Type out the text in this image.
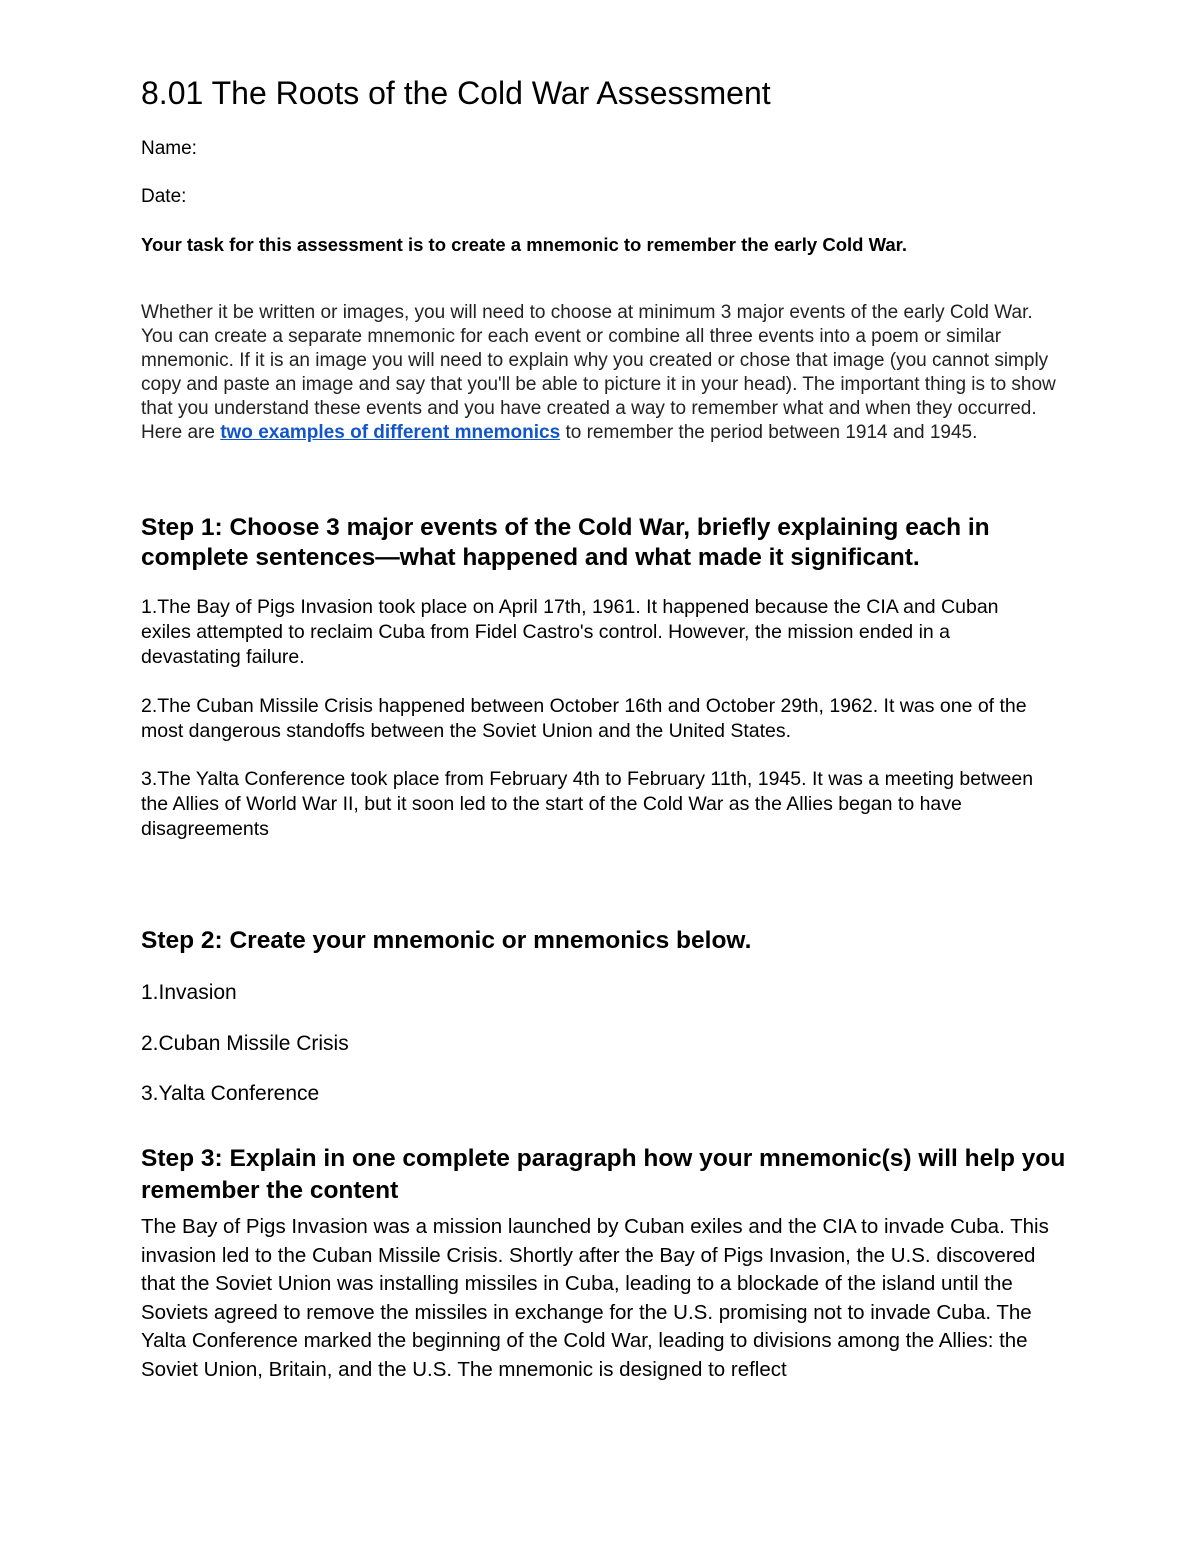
8.01 The Roots of the Cold War Assessment

Name:

Date:

Your task for this assessment is to create a mnemonic to remember the early Cold War.

Whether it be written or images, you will need to choose at minimum 3 major events of the early Cold War. You can create a separate mnemonic for each event or combine all three events into a poem or similar mnemonic. If it is an image you will need to explain why you created or chose that image (you cannot simply copy and paste an image and say that you'll be able to picture it in your head). The important thing is to show that you understand these events and you have created a way to remember what and when they occurred. Here are two examples of different mnemonics to remember the period between 1914 and 1945.

Step 1: Choose 3 major events of the Cold War, briefly explaining each in complete sentences—what happened and what made it significant.

1.The Bay of Pigs Invasion took place on April 17th, 1961. It happened because the CIA and Cuban exiles attempted to reclaim Cuba from Fidel Castro's control. However, the mission ended in a devastating failure.

2.The Cuban Missile Crisis happened between October 16th and October 29th, 1962. It was one of the most dangerous standoffs between the Soviet Union and the United States.

3.The Yalta Conference took place from February 4th to February 11th, 1945. It was a meeting between the Allies of World War II, but it soon led to the start of the Cold War as the Allies began to have disagreements

Step 2: Create your mnemonic or mnemonics below.

1.Invasion

2.Cuban Missile Crisis

3.Yalta Conference

Step 3: Explain in one complete paragraph how your mnemonic(s) will help you remember the content

The Bay of Pigs Invasion was a mission launched by Cuban exiles and the CIA to invade Cuba. This invasion led to the Cuban Missile Crisis. Shortly after the Bay of Pigs Invasion, the U.S. discovered that the Soviet Union was installing missiles in Cuba, leading to a blockade of the island until the Soviets agreed to remove the missiles in exchange for the U.S. promising not to invade Cuba. The Yalta Conference marked the beginning of the Cold War, leading to divisions among the Allies: the Soviet Union, Britain, and the U.S. The mnemonic is designed to reflect
